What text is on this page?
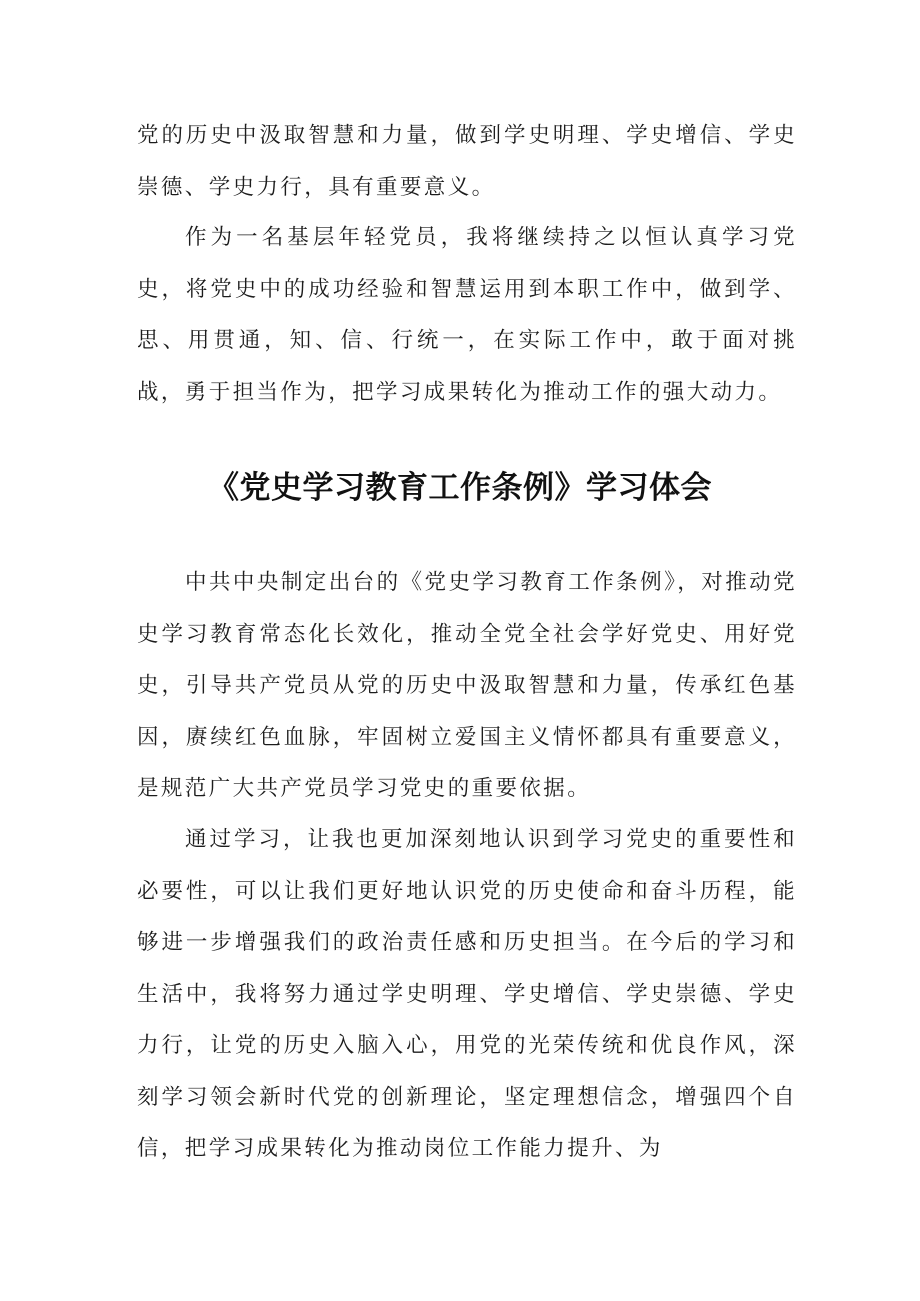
党的历史中汲取智慧和力量，做到学史明理、学史增信、学史崇德、学史力行，具有重要意义。

作为一名基层年轻党员，我将继续持之以恒认真学习党史，将党史中的成功经验和智慧运用到本职工作中，做到学、思、用贯通，知、信、行统一，在实际工作中，敢于面对挑战，勇于担当作为，把学习成果转化为推动工作的强大动力。

《党史学习教育工作条例》学习体会

中共中央制定出台的《党史学习教育工作条例》，对推动党史学习教育常态化长效化，推动全党全社会学好党史、用好党史，引导共产党员从党的历史中汲取智慧和力量，传承红色基因，赓续红色血脉，牢固树立爱国主义情怀都具有重要意义，是规范广大共产党员学习党史的重要依据。

通过学习，让我也更加深刻地认识到学习党史的重要性和必要性，可以让我们更好地认识党的历史使命和奋斗历程，能够进一步增强我们的政治责任感和历史担当。在今后的学习和生活中，我将努力通过学史明理、学史增信、学史崇德、学史力行，让党的历史入脑入心，用党的光荣传统和优良作风，深刻学习领会新时代党的创新理论，坚定理想信念，增强四个自信，把学习成果转化为推动岗位工作能力提升、为
